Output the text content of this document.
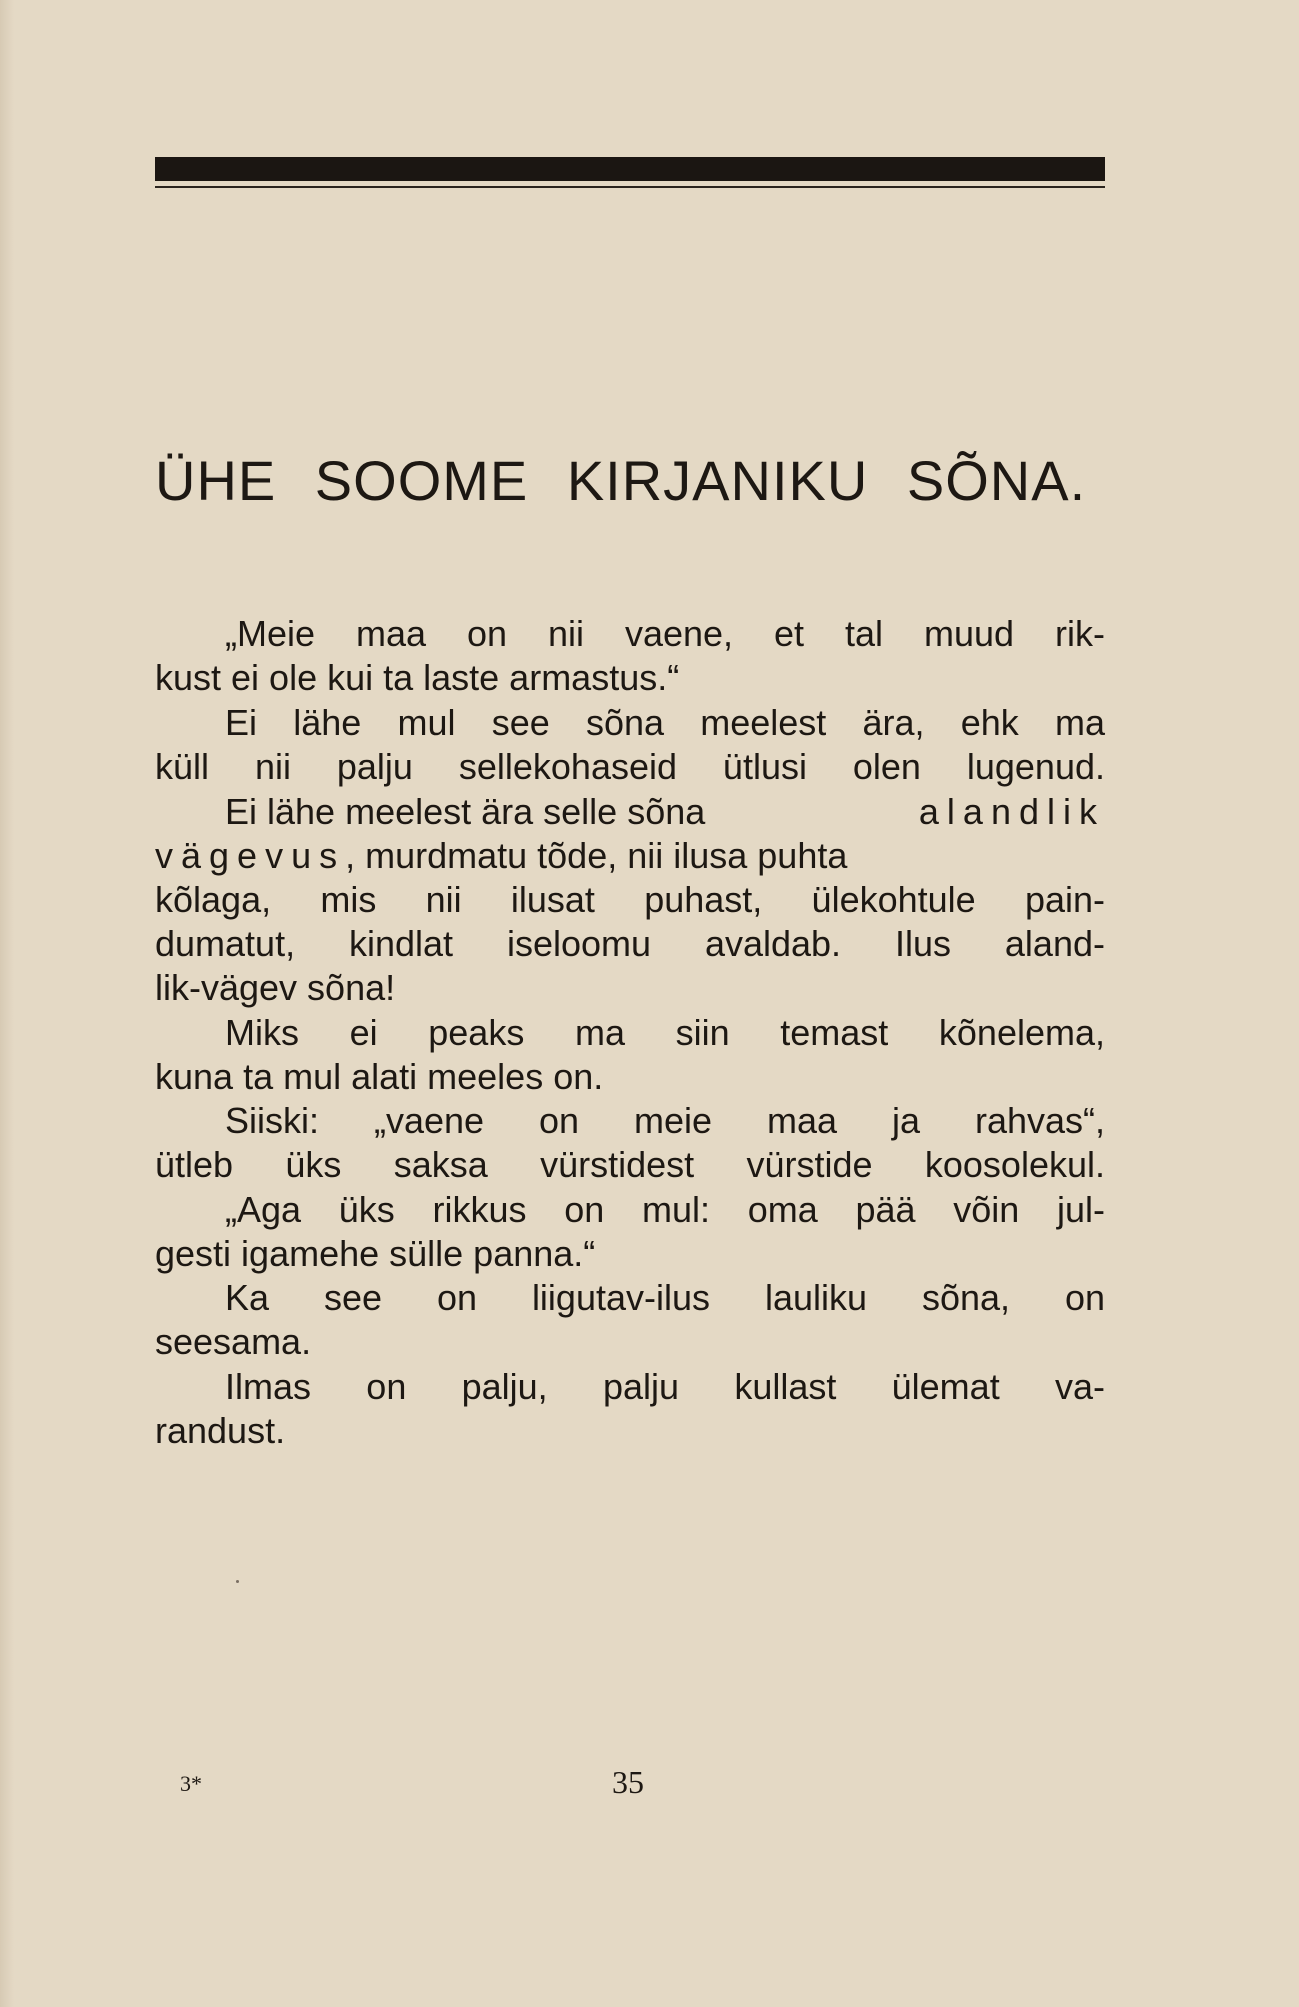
ÜHE SOOME KIRJANIKU SÕNA.
„Meie maa on nii vaene, et tal muud rik-
kust ei ole kui ta laste armastus.“
Ei lähe mul see sõna meelest ära, ehk ma
küll nii palju sellekohaseid ütlusi olen lugenud.
Ei lähe meelest ära selle sõna	alandlik
vägevus, murdmatu tõde, nii ilusa puhta
kõlaga, mis nii ilusat puhast, ülekohtule pain-
dumatut, kindlat iseloomu avaldab. Ilus aland-
lik-vägev sõna!
Miks ei peaks ma siin temast kõnelema,
kuna ta mul alati meeles on.
Siiski: „vaene on meie maa ja rahvas“,
ütleb üks saksa vürstidest vürstide koosolekul.
„Aga üks rikkus on mul: oma pää võin jul-
gesti igamehe sülle panna.“
Ka see on liigutav-ilus lauliku sõna, on
seesama.
Ilmas on palju, palju kullast ülemat va-
randust.
3*	35
